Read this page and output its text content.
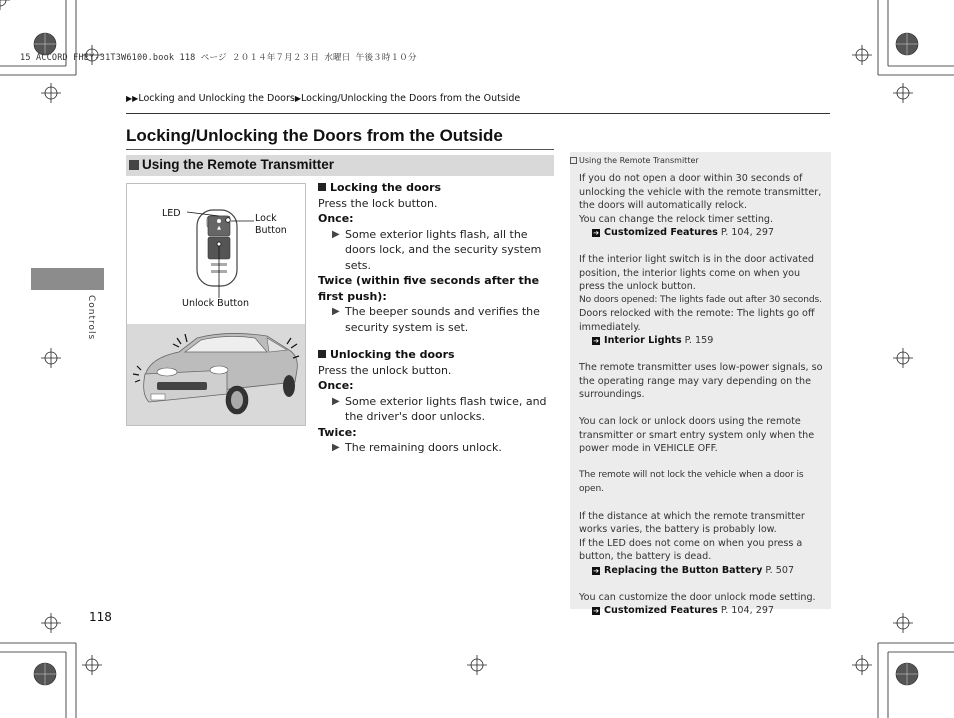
15 ACCORD FHEY-31T3W6100.book 118 ページ ２０１４年７月２３日 水曜日 午後３時１０分
▶▶Locking and Unlocking the Doors▶Locking/Unlocking the Doors from the Outside
Locking/Unlocking the Doors from the Outside
Using the Remote Transmitter
▲
LED	Lock
Button
Unlock Button
Locking the doors
Press the lock button.
Once:
▶ Some exterior lights flash, all the doors lock, and the security system sets.
Twice (within five seconds after the first push):
▶ The beeper sounds and verifies the security system is set.
Unlocking the doors
Press the unlock button.
Once:
▶ Some exterior lights flash twice, and the driver's door unlocks.
Twice:
▶ The remaining doors unlock.
Using the Remote Transmitter

If you do not open a door within 30 seconds of unlocking the vehicle with the remote transmitter, the doors will automatically relock.

You can change the relock timer setting.

➔ Customized Features P. 104, 297

If the interior light switch is in the door activated position, the interior lights come on when you press the unlock button.

No doors opened: The lights fade out after 30 seconds.

Doors relocked with the remote: The lights go off immediately.

➔ Interior Lights P. 159

The remote transmitter uses low-power signals, so the operating range may vary depending on the surroundings.

You can lock or unlock doors using the remote transmitter or smart entry system only when the power mode in VEHICLE OFF.

The remote will not lock the vehicle when a door is open.

If the distance at which the remote transmitter works varies, the battery is probably low.

If the LED does not come on when you press a button, the battery is dead.

➔ Replacing the Button Battery P. 507

You can customize the door unlock mode setting.

➔ Customized Features P. 104, 297

Controls
118
